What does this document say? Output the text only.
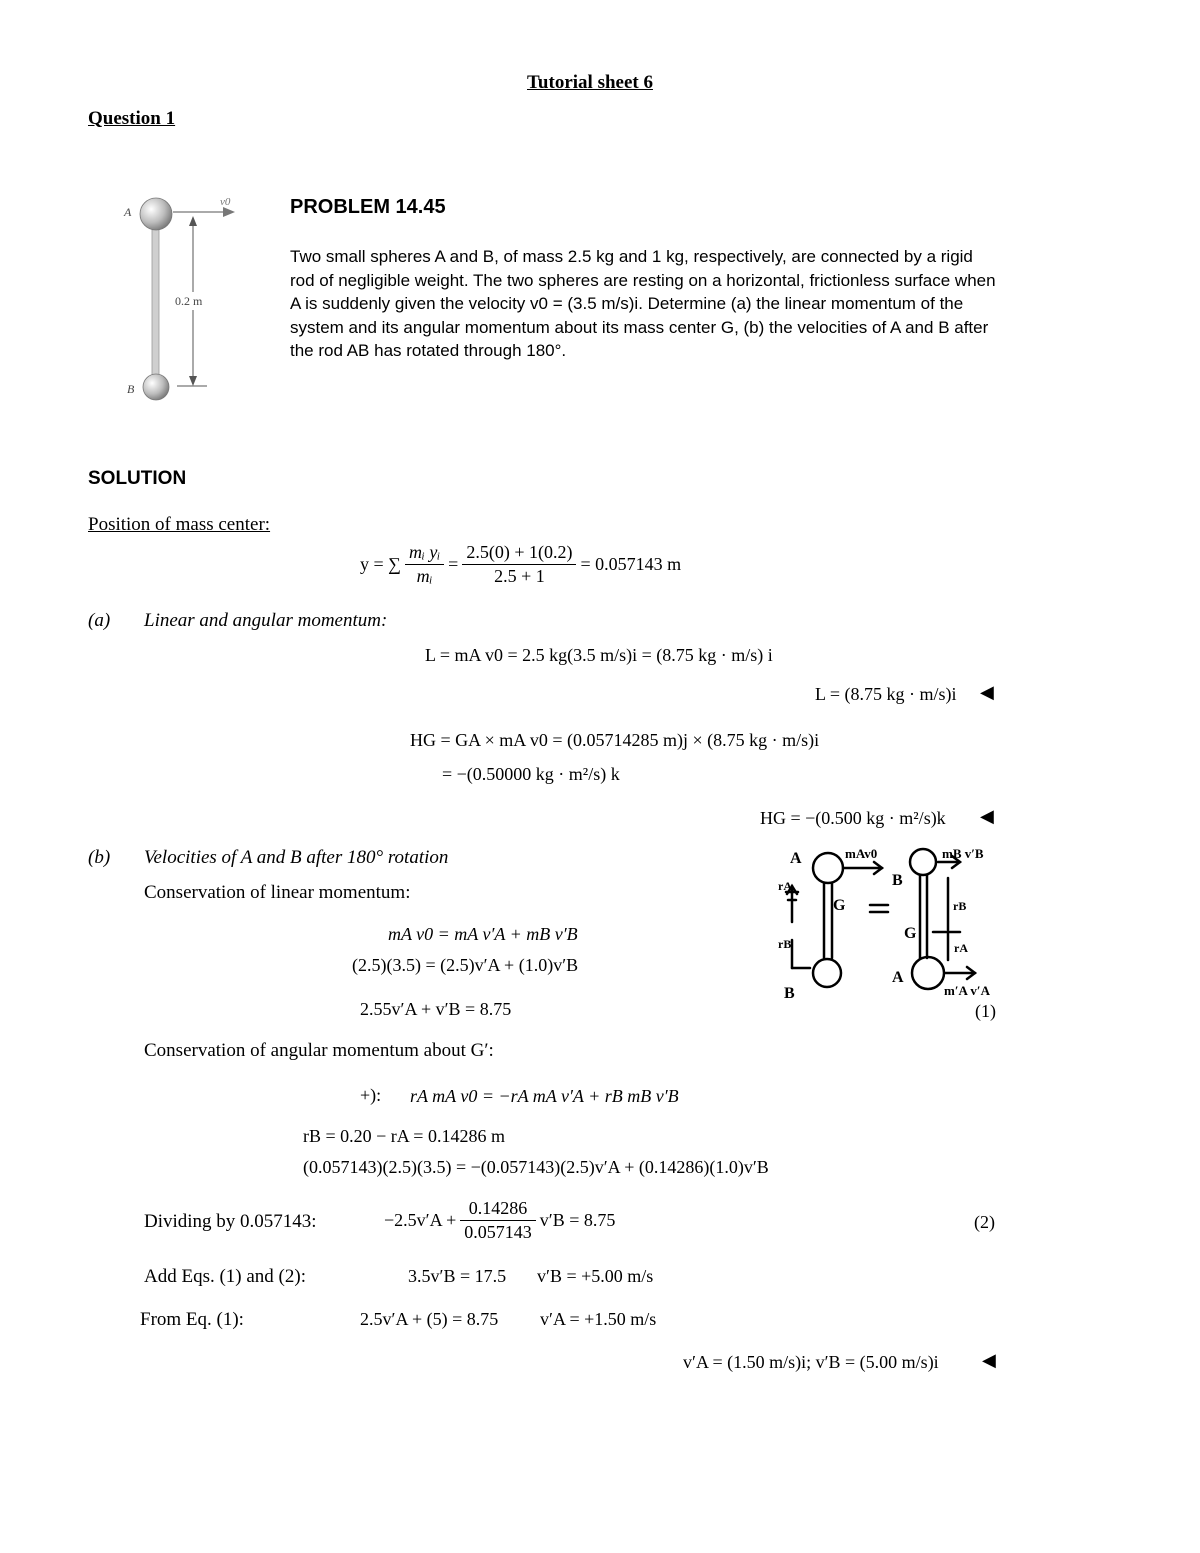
Tutorial sheet 6
Question 1
A
B
v0
0.2 m
PROBLEM 14.45
Two small spheres A and B, of mass 2.5 kg and 1 kg, respectively, are connected by a rigid rod of negligible weight. The two spheres are resting on a horizontal, frictionless surface when A is suddenly given the velocity v0 = (3.5 m/s)i. Determine (a) the linear momentum of the system and its angular momentum about its mass center G, (b) the velocities of A and B after the rod AB has rotated through 180°.
SOLUTION
Position of mass center:
y = ∑ $\frac{\text{mᵢ yᵢ}}{\text{mᵢ}} = \frac{2.5(0) + 1(0.2)}{2.5 + 1} = 0.057143$ m
(a) Linear and angular momentum:
L = mA v0 = 2.5 kg(3.5 m/s)i = (8.75 kg · m/s) i
L = (8.75 kg · m/s)i ◀
HG = GA × mA v0 = (0.05714285 m)j × (8.75 kg · m/s)i
= −(0.50000 kg · m²/s) k
HG = −(0.500 kg · m²/s)k ◀
(b) Velocities of A and B after 180° rotation
Conservation of linear momentum:
mA v0 = mA v′A + mB v′B
(2.5)(3.5) = (2.5)v′A + (1.0)v′B
2.55v′A + v′B = 8.75	(1)
A	mAv0
rA
G
rB
B
=
B
mB v′B
rB
G
rA
A
m′A v′A
Conservation of angular momentum about G′:
+): rA mA v0 = −rA mA v′A + rB mB v′B
rB = 0.20 − rA = 0.14286 m
(0.057143)(2.5)(3.5) = −(0.057143)(2.5)v′A + (0.14286)(1.0)v′B
Dividing by 0.057143:	$-2.5v'A + \frac{0.14286}{0.057143} v'B = 8.75$	(2)
Add Eqs. (1) and (2):	3.5v′B = 17.5 v′B = +5.00 m/s
From Eq. (1):	2.5v′A + (5) = 8.75 v′A = +1.50 m/s
v′A = (1.50 m/s)i; v′B = (5.00 m/s)i ◀
